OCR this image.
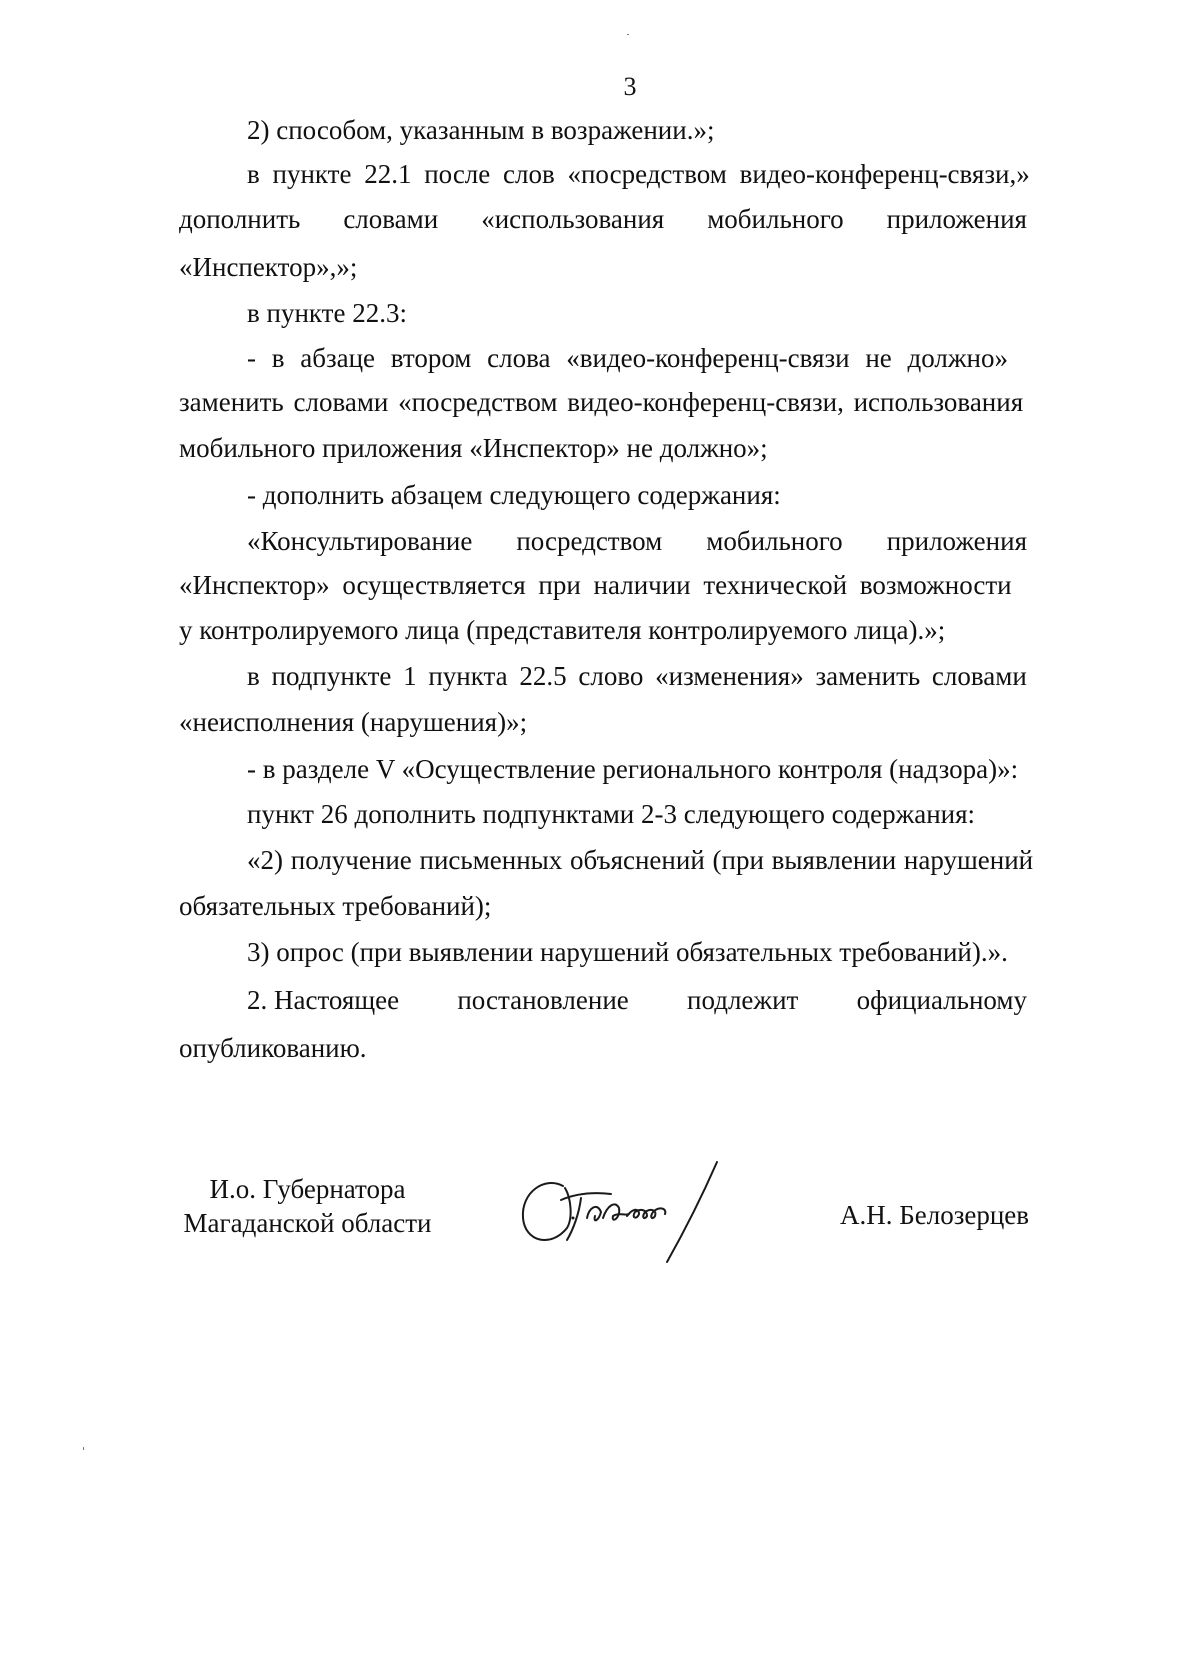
3
2) способом, указанным в возражении.»;
в пункте 22.1 после слов «посредством видео-конференц-связи,»
дополнить словами «использования мобильного приложения
«Инспектор»,»;
в пункте 22.3:
- в абзаце втором слова «видео-конференц-связи не должно»
заменить словами «посредством видео-конференц-связи, использования
мобильного приложения «Инспектор» не должно»;
- дополнить абзацем следующего содержания:
«Консультирование посредством мобильного приложения
«Инспектор» осуществляется при наличии технической возможности
у контролируемого лица (представителя контролируемого лица).»;
в подпункте 1 пункта 22.5 слово «изменения» заменить словами
«неисполнения (нарушения)»;
- в разделе V «Осуществление регионального контроля (надзора)»:
пункт 26 дополнить подпунктами 2-3 следующего содержания:
«2) получение письменных объяснений (при выявлении нарушений
обязательных требований);
3) опрос (при выявлении нарушений обязательных требований).».
2. Настоящее постановление подлежит официальному
опубликованию.
И.о. Губернатора
Магаданской области	А.Н. Белозерцев
